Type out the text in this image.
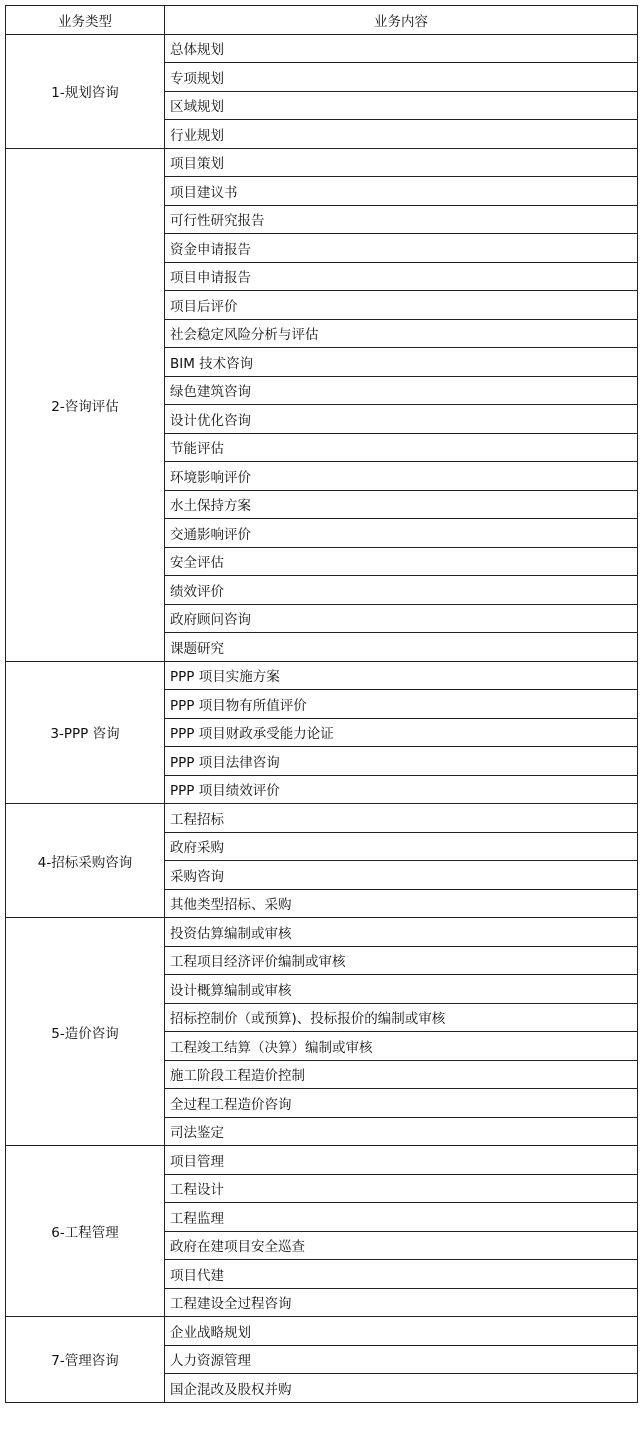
业务类型	业务内容
1-规划咨询	总体规划
	专项规划
	区域规划
	行业规划
2-咨询评估	项目策划
	项目建议书
	可行性研究报告
	资金申请报告
	项目申请报告
	项目后评价
	社会稳定风险分析与评估
	BIM 技术咨询
	绿色建筑咨询
	设计优化咨询
	节能评估
	环境影响评价
	水土保持方案
	交通影响评价
	安全评估
	绩效评价
	政府顾问咨询
	课题研究
3-PPP 咨询	PPP 项目实施方案
	PPP 项目物有所值评价
	PPP 项目财政承受能力论证
	PPP 项目法律咨询
	PPP 项目绩效评价
4-招标采购咨询	工程招标
	政府采购
	采购咨询
	其他类型招标、采购
5-造价咨询	投资估算编制或审核
	工程项目经济评价编制或审核
	设计概算编制或审核
	招标控制价（或预算)、投标报价的编制或审核
	工程竣工结算（决算）编制或审核
	施工阶段工程造价控制
	全过程工程造价咨询
	司法鉴定
6-工程管理	项目管理
	工程设计
	工程监理
	政府在建项目安全巡查
	项目代建
	工程建设全过程咨询
7-管理咨询	企业战略规划
	人力资源管理
	国企混改及股权并购
